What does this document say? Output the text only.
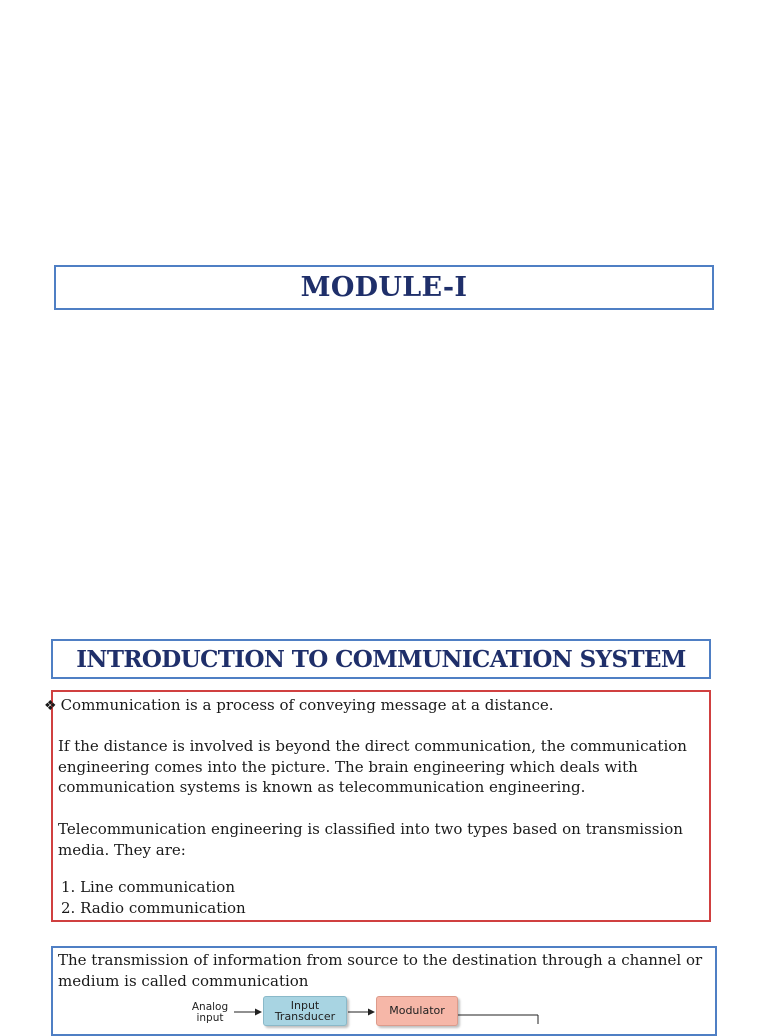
MODULE-I
INTRODUCTION TO COMMUNICATION SYSTEM
❖ Communication is a process of conveying message at a distance.
If the distance is involved is beyond the direct communication, the communication engineering comes into the picture. The brain engineering which deals with communication systems is known as telecommunication engineering.
Telecommunication engineering is classified into two types based on transmission media. They are:
1. Line communication
2. Radio communication
The transmission of information from source to the destination through a channel or medium is called communication
Analog
input
Input
Transducer	Modulator
